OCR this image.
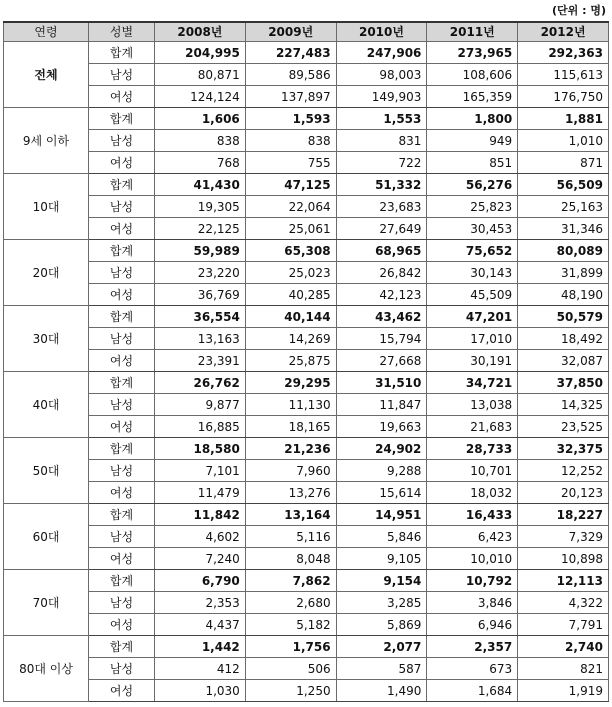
(단위 : 명)
연령	성별	2008년	2009년	2010년	2011년	2012년
전체	합계	204,995	227,483	247,906	273,965	292,363
	남성	80,871	89,586	98,003	108,606	115,613
	여성	124,124	137,897	149,903	165,359	176,750
9세 이하	합계	1,606	1,593	1,553	1,800	1,881
	남성	838	838	831	949	1,010
	여성	768	755	722	851	871
10대	합계	41,430	47,125	51,332	56,276	56,509
	남성	19,305	22,064	23,683	25,823	25,163
	여성	22,125	25,061	27,649	30,453	31,346
20대	합계	59,989	65,308	68,965	75,652	80,089
	남성	23,220	25,023	26,842	30,143	31,899
	여성	36,769	40,285	42,123	45,509	48,190
30대	합계	36,554	40,144	43,462	47,201	50,579
	남성	13,163	14,269	15,794	17,010	18,492
	여성	23,391	25,875	27,668	30,191	32,087
40대	합계	26,762	29,295	31,510	34,721	37,850
	남성	9,877	11,130	11,847	13,038	14,325
	여성	16,885	18,165	19,663	21,683	23,525
50대	합계	18,580	21,236	24,902	28,733	32,375
	남성	7,101	7,960	9,288	10,701	12,252
	여성	11,479	13,276	15,614	18,032	20,123
60대	합계	11,842	13,164	14,951	16,433	18,227
	남성	4,602	5,116	5,846	6,423	7,329
	여성	7,240	8,048	9,105	10,010	10,898
70대	합계	6,790	7,862	9,154	10,792	12,113
	남성	2,353	2,680	3,285	3,846	4,322
	여성	4,437	5,182	5,869	6,946	7,791
80대 이상	합계	1,442	1,756	2,077	2,357	2,740
	남성	412	506	587	673	821
	여성	1,030	1,250	1,490	1,684	1,919
